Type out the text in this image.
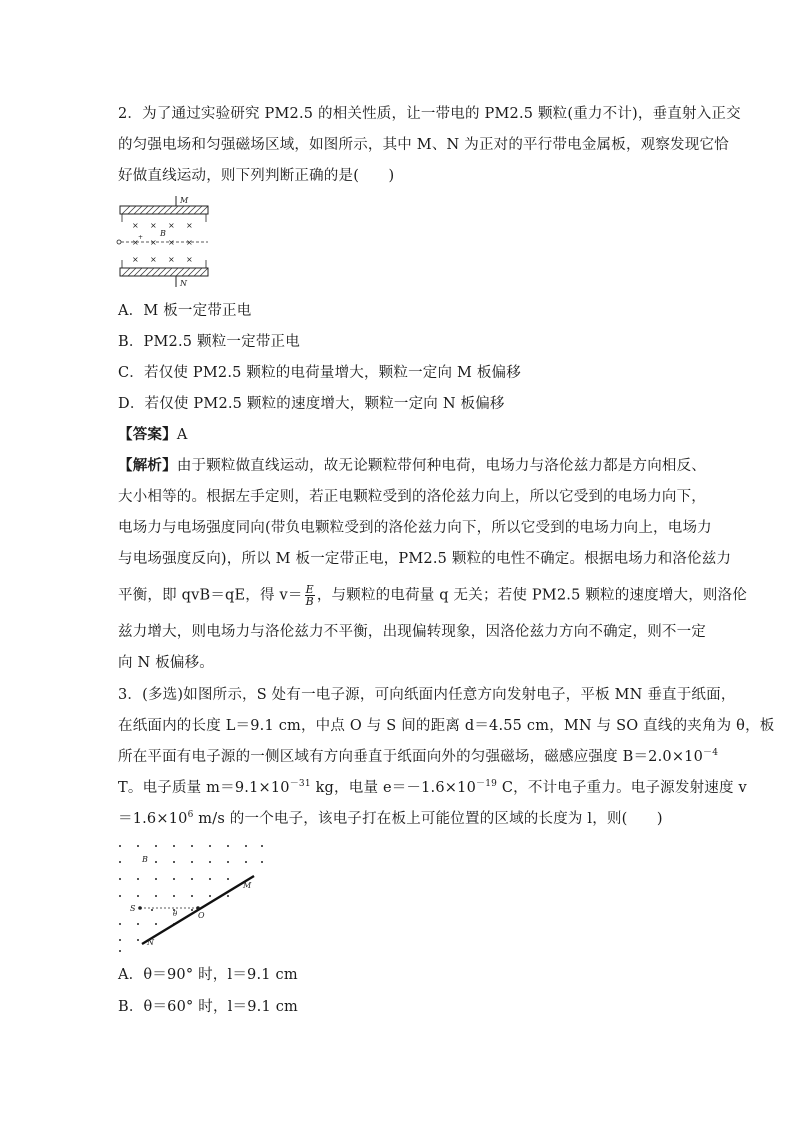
2．为了通过实验研究 PM2.5 的相关性质，让一带电的 PM2.5 颗粒(重力不计)，垂直射入正交
的匀强电场和匀强磁场区域，如图所示，其中 M、N 为正对的平行带电金属板，观察发现它恰
好做直线运动，则下列判断正确的是(　　)
M
× × × ×
× × × ×
× × × ×
B
+
N
A．M 板一定带正电
B．PM2.5 颗粒一定带正电
C．若仅使 PM2.5 颗粒的电荷量增大，颗粒一定向 M 板偏移
D．若仅使 PM2.5 颗粒的速度增大，颗粒一定向 N 板偏移
【答案】A
【解析】由于颗粒做直线运动，故无论颗粒带何种电荷，电场力与洛伦兹力都是方向相反、
大小相等的。根据左手定则，若正电颗粒受到的洛伦兹力向上，所以它受到的电场力向下，
电场力与电场强度同向(带负电颗粒受到的洛伦兹力向下，所以它受到的电场力向上，电场力
与电场强度反向)，所以 M 板一定带正电，PM2.5 颗粒的电性不确定。根据电场力和洛伦兹力
平衡，即 qvB＝qE，得 $v= \frac{E}{B}$ ，与颗粒的电荷量 q 无关；若使 PM2.5 颗粒的速度增大，则洛伦
兹力增大，则电场力与洛伦兹力不平衡，出现偏转现象，因洛伦兹力方向不确定，则不一定
向 N 板偏移。
3．(多选)如图所示，S 处有一电子源，可向纸面内任意方向发射电子，平板 MN 垂直于纸面，
在纸面内的长度 L＝9.1 cm，中点 O 与 S 间的距离 d＝4.55 cm，MN 与 SO 直线的夹角为 θ，板
所在平面有电子源的一侧区域有方向垂直于纸面向外的匀强磁场，磁感应强度 $B=2.0\times 10^{-4}$
T。电子质量 $m=9.1\times 10^{-31}$ kg，电量 $e=-1.6\times 10^{-19}$ C，不计电子重力。电子源发射速度 v
$=1.6\times 10^6$ m/s 的一个电子，该电子打在板上可能位置的区域的长度为 l，则(　　)
B
S
O
θ
M
N
A．θ＝90° 时，l＝9.1 cm
B．θ＝60° 时，l＝9.1 cm
